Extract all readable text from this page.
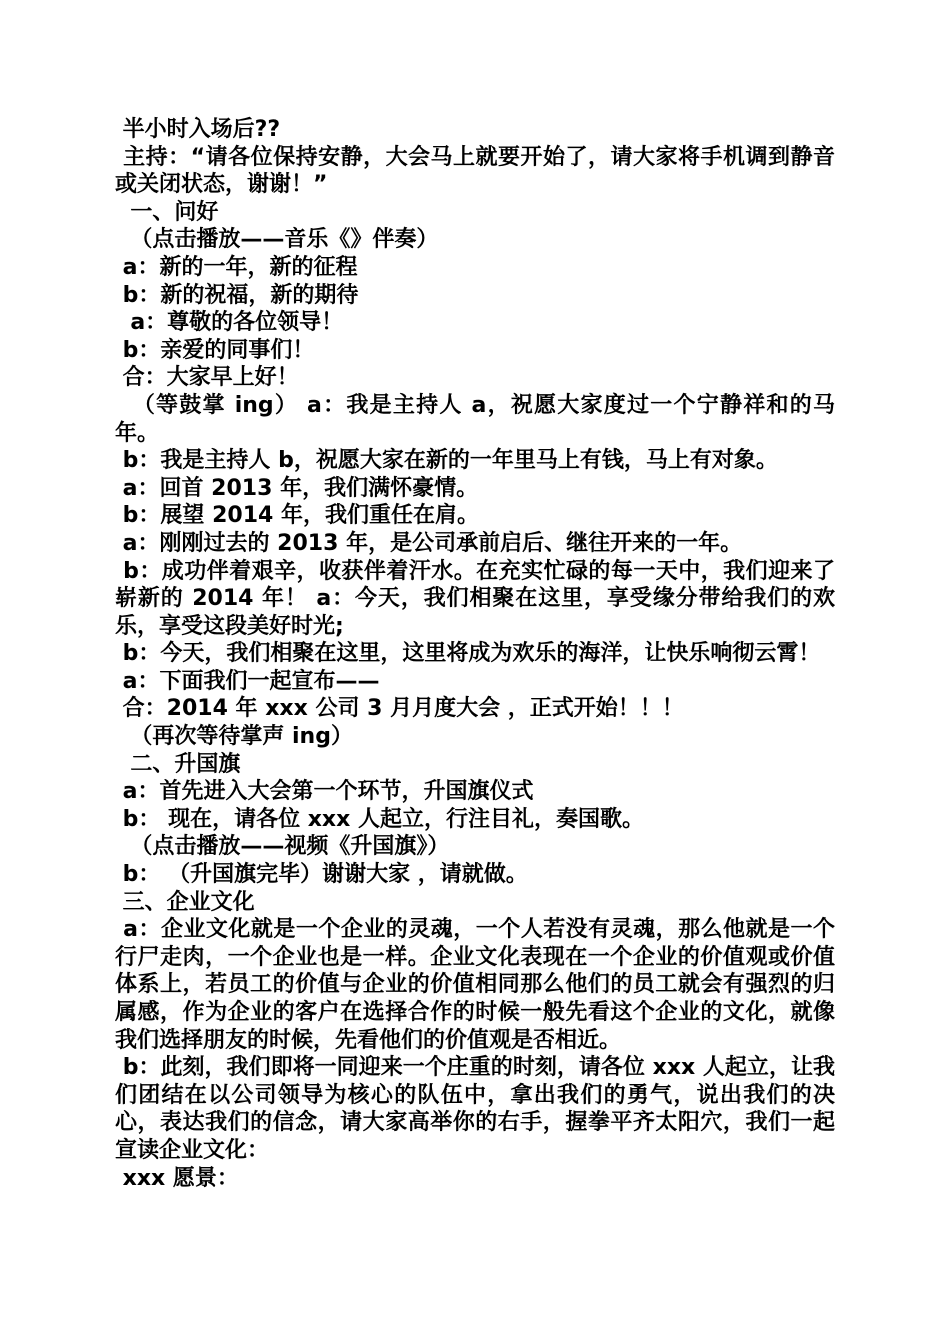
半小时入场后??
主持：“请各位保持安静，大会马上就要开始了，请大家将手机调到静音或关闭状态，谢谢！”
一、问好
（点击播放——音乐《》伴奏）
a：新的一年，新的征程
b：新的祝福，新的期待
a：尊敬的各位领导！
b：亲爱的同事们！
合：大家早上好！
（等鼓掌 ing） a：我是主持人 a，祝愿大家度过一个宁静祥和的马年。
b：我是主持人 b，祝愿大家在新的一年里马上有钱，马上有对象。
a：回首 2013 年，我们满怀豪情。
b：展望 2014 年，我们重任在肩。
a：刚刚过去的 2013 年，是公司承前启后、继往开来的一年。
b：成功伴着艰辛，收获伴着汗水。在充实忙碌的每一天中，我们迎来了崭新的 2014 年！ a：今天，我们相聚在这里，享受缘分带给我们的欢乐，享受这段美好时光;
b：今天，我们相聚在这里，这里将成为欢乐的海洋，让快乐响彻云霄！
a：下面我们一起宣布——
合：2014 年 xxx 公司 3 月月度大会 ，正式开始！！！
（再次等待掌声 ing）
二、升国旗
a：首先进入大会第一个环节，升国旗仪式
b： 现在，请各位 xxx 人起立，行注目礼，奏国歌。
（点击播放——视频《升国旗》）
b： （升国旗完毕）谢谢大家 ，请就做。
三、企业文化
a：企业文化就是一个企业的灵魂，一个人若没有灵魂，那么他就是一个行尸走肉，一个企业也是一样。企业文化表现在一个企业的价值观或价值体系上，若员工的价值与企业的价值相同那么他们的员工就会有强烈的归属感，作为企业的客户在选择合作的时候一般先看这个企业的文化，就像我们选择朋友的时候，先看他们的价值观是否相近。
b：此刻，我们即将一同迎来一个庄重的时刻，请各位 xxx 人起立，让我们团结在以公司领导为核心的队伍中，拿出我们的勇气，说出我们的决心，表达我们的信念，请大家高举你的右手，握拳平齐太阳穴，我们一起宣读企业文化：
xxx 愿景：
